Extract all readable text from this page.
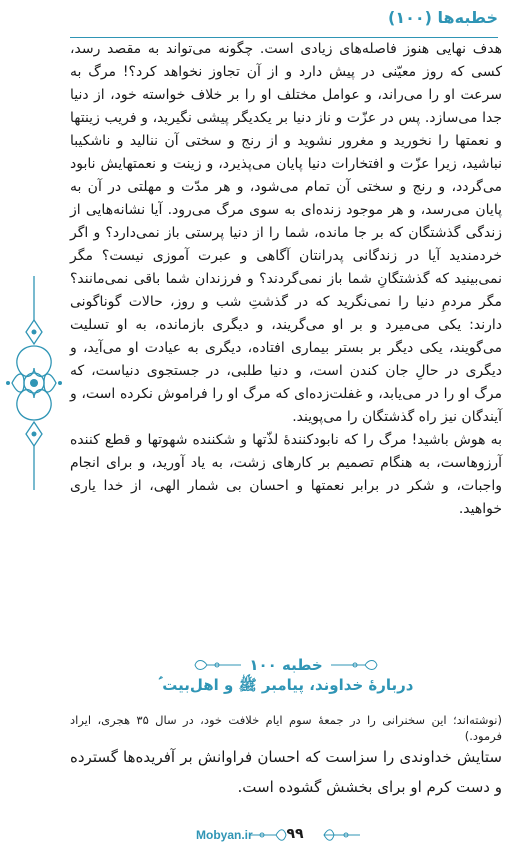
خطبه‌ها (۱۰۰)

هدف نهایی هنوز فاصله‌های زیادی است. چگونه می‌تواند به مقصد رسد، کسی که روز معیّنی در پیش دارد و از آن تجاوز نخواهد کرد؟! مرگ به سرعت او را می‌راند، و عوامل مختلف او را بر خلاف خواسته خود، از دنیا جدا می‌سازد. پس در عزّت و ناز دنیا بر یکدیگر پیشی نگیرید، و فریب زینتها و نعمتها را نخورید و مغرور نشوید و از رنج و سختی آن نناليد و ناشکیبا نباشید، زیرا عزّت و افتخارات دنیا پایان می‌پذیرد، و زینت و نعمتهایش نابود می‌گردد، و رنج و سختی آن تمام می‌شود، و هر مدّت و مهلتی در آن به پایان می‌رسد، و هر موجود زنده‌ای به سوی مرگ می‌رود. آیا نشانه‌هایی از زندگی گذشتگان که بر جا مانده، شما را از دنیا پرستی باز نمی‌دارد؟ و اگر خردمندید آیا در زندگانی پدرانتان آگاهی و عبرت آموزی نیست؟ مگر نمی‌بینید که گذشتگانِ شما باز نمی‌گردند؟ و فرزندان شما باقی نمی‌مانند؟ مگر مردمِ دنیا را نمی‌نگرید که در گذشتِ شب و روز، حالات گوناگونی دارند: یکی می‌میرد و بر او می‌گریند، و دیگری بازمانده، به او تسلیت می‌گویند، یکی دیگر بر بستر بیماری افتاده، دیگری به عیادت او می‌آید، و دیگری در حالِ جان کندن است، و دنیا طلبی، در جستجوی دنیاست، که مرگ او را در می‌یابد، و غفلت‌زده‌ای که مرگ او را فراموش نکرده است، و آیندگان نیز راه گذشتگان را می‌پویند.

به هوش باشید! مرگ را که نابودکنندۀ لذّتها و شکننده شهوتها و قطع کننده آرزوهاست، به هنگام تصمیم بر کارهای زشت، به یاد آورید، و برای انجام واجبات، و شکر در برابر نعمتها و احسان بی شمار الهی، از خدا یاری خواهید.

خطبه ۱۰۰
دربارۀ خداوند، پیامبر ﷺ و اهل‌بیت ؑ
(نوشته‌اند؛ این سخنرانی را در جمعۀ سوم ایام خلافت خود، در سال ۳۵ هجری، ایراد فرمود.)

ستایش خداوندی را سزاست که احسان فراوانش بر آفریده‌ها گسترده و دست کرم او برای بخشش گشوده است.

Mobyan.ir	۹۹
